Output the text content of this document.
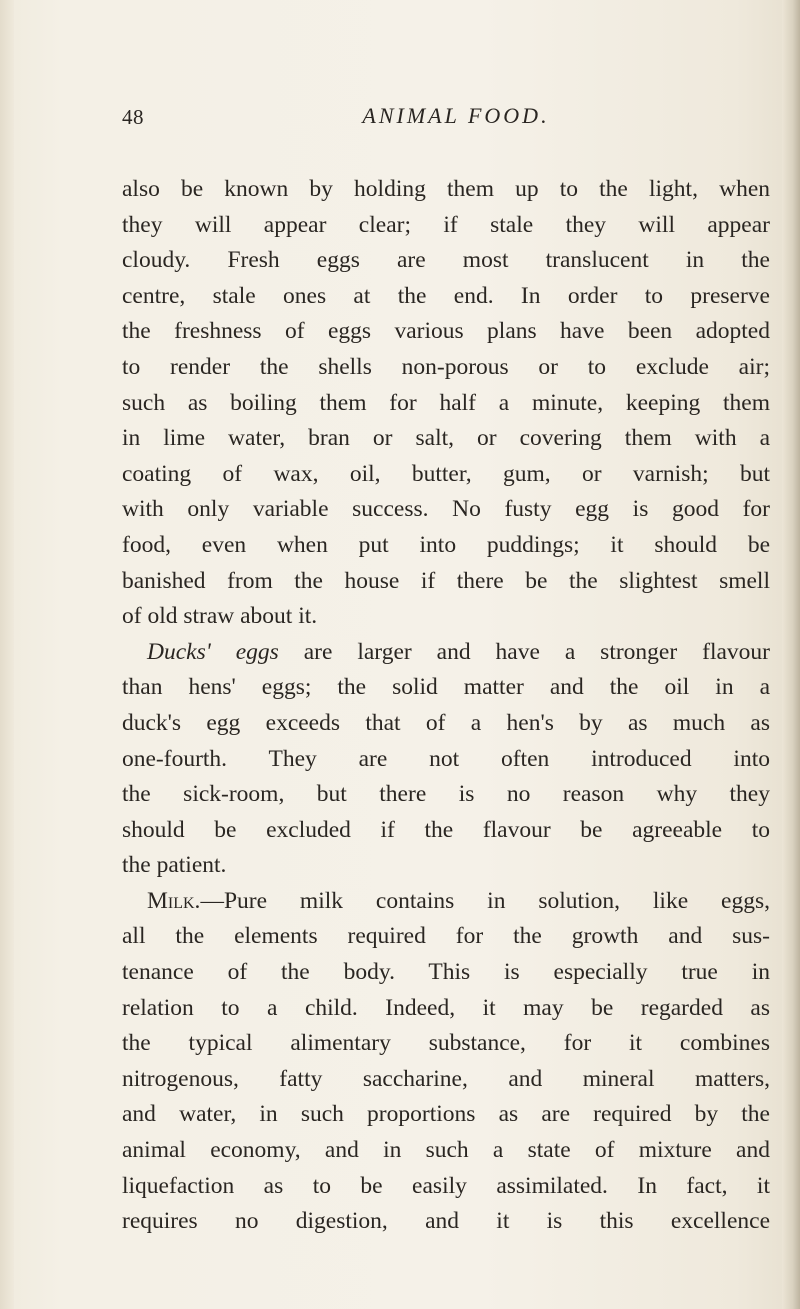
48	ANIMAL FOOD.
also be known by holding them up to the light, when
they will appear clear; if stale they will appear
cloudy. Fresh eggs are most translucent in the
centre, stale ones at the end. In order to preserve
the freshness of eggs various plans have been adopted
to render the shells non-porous or to exclude air;
such as boiling them for half a minute, keeping them
in lime water, bran or salt, or covering them with a
coating of wax, oil, butter, gum, or varnish; but
with only variable success. No fusty egg is good for
food, even when put into puddings; it should be
banished from the house if there be the slightest smell
of old straw about it.
Ducks' eggs are larger and have a stronger flavour
than hens' eggs; the solid matter and the oil in a
duck's egg exceeds that of a hen's by as much as
one-fourth. They are not often introduced into
the sick-room, but there is no reason why they
should be excluded if the flavour be agreeable to
the patient.
Milk.—Pure milk contains in solution, like eggs,
all the elements required for the growth and sus-
tenance of the body. This is especially true in
relation to a child. Indeed, it may be regarded as
the typical alimentary substance, for it combines
nitrogenous, fatty saccharine, and mineral matters,
and water, in such proportions as are required by the
animal economy, and in such a state of mixture and
liquefaction as to be easily assimilated. In fact, it
requires no digestion, and it is this excellence
